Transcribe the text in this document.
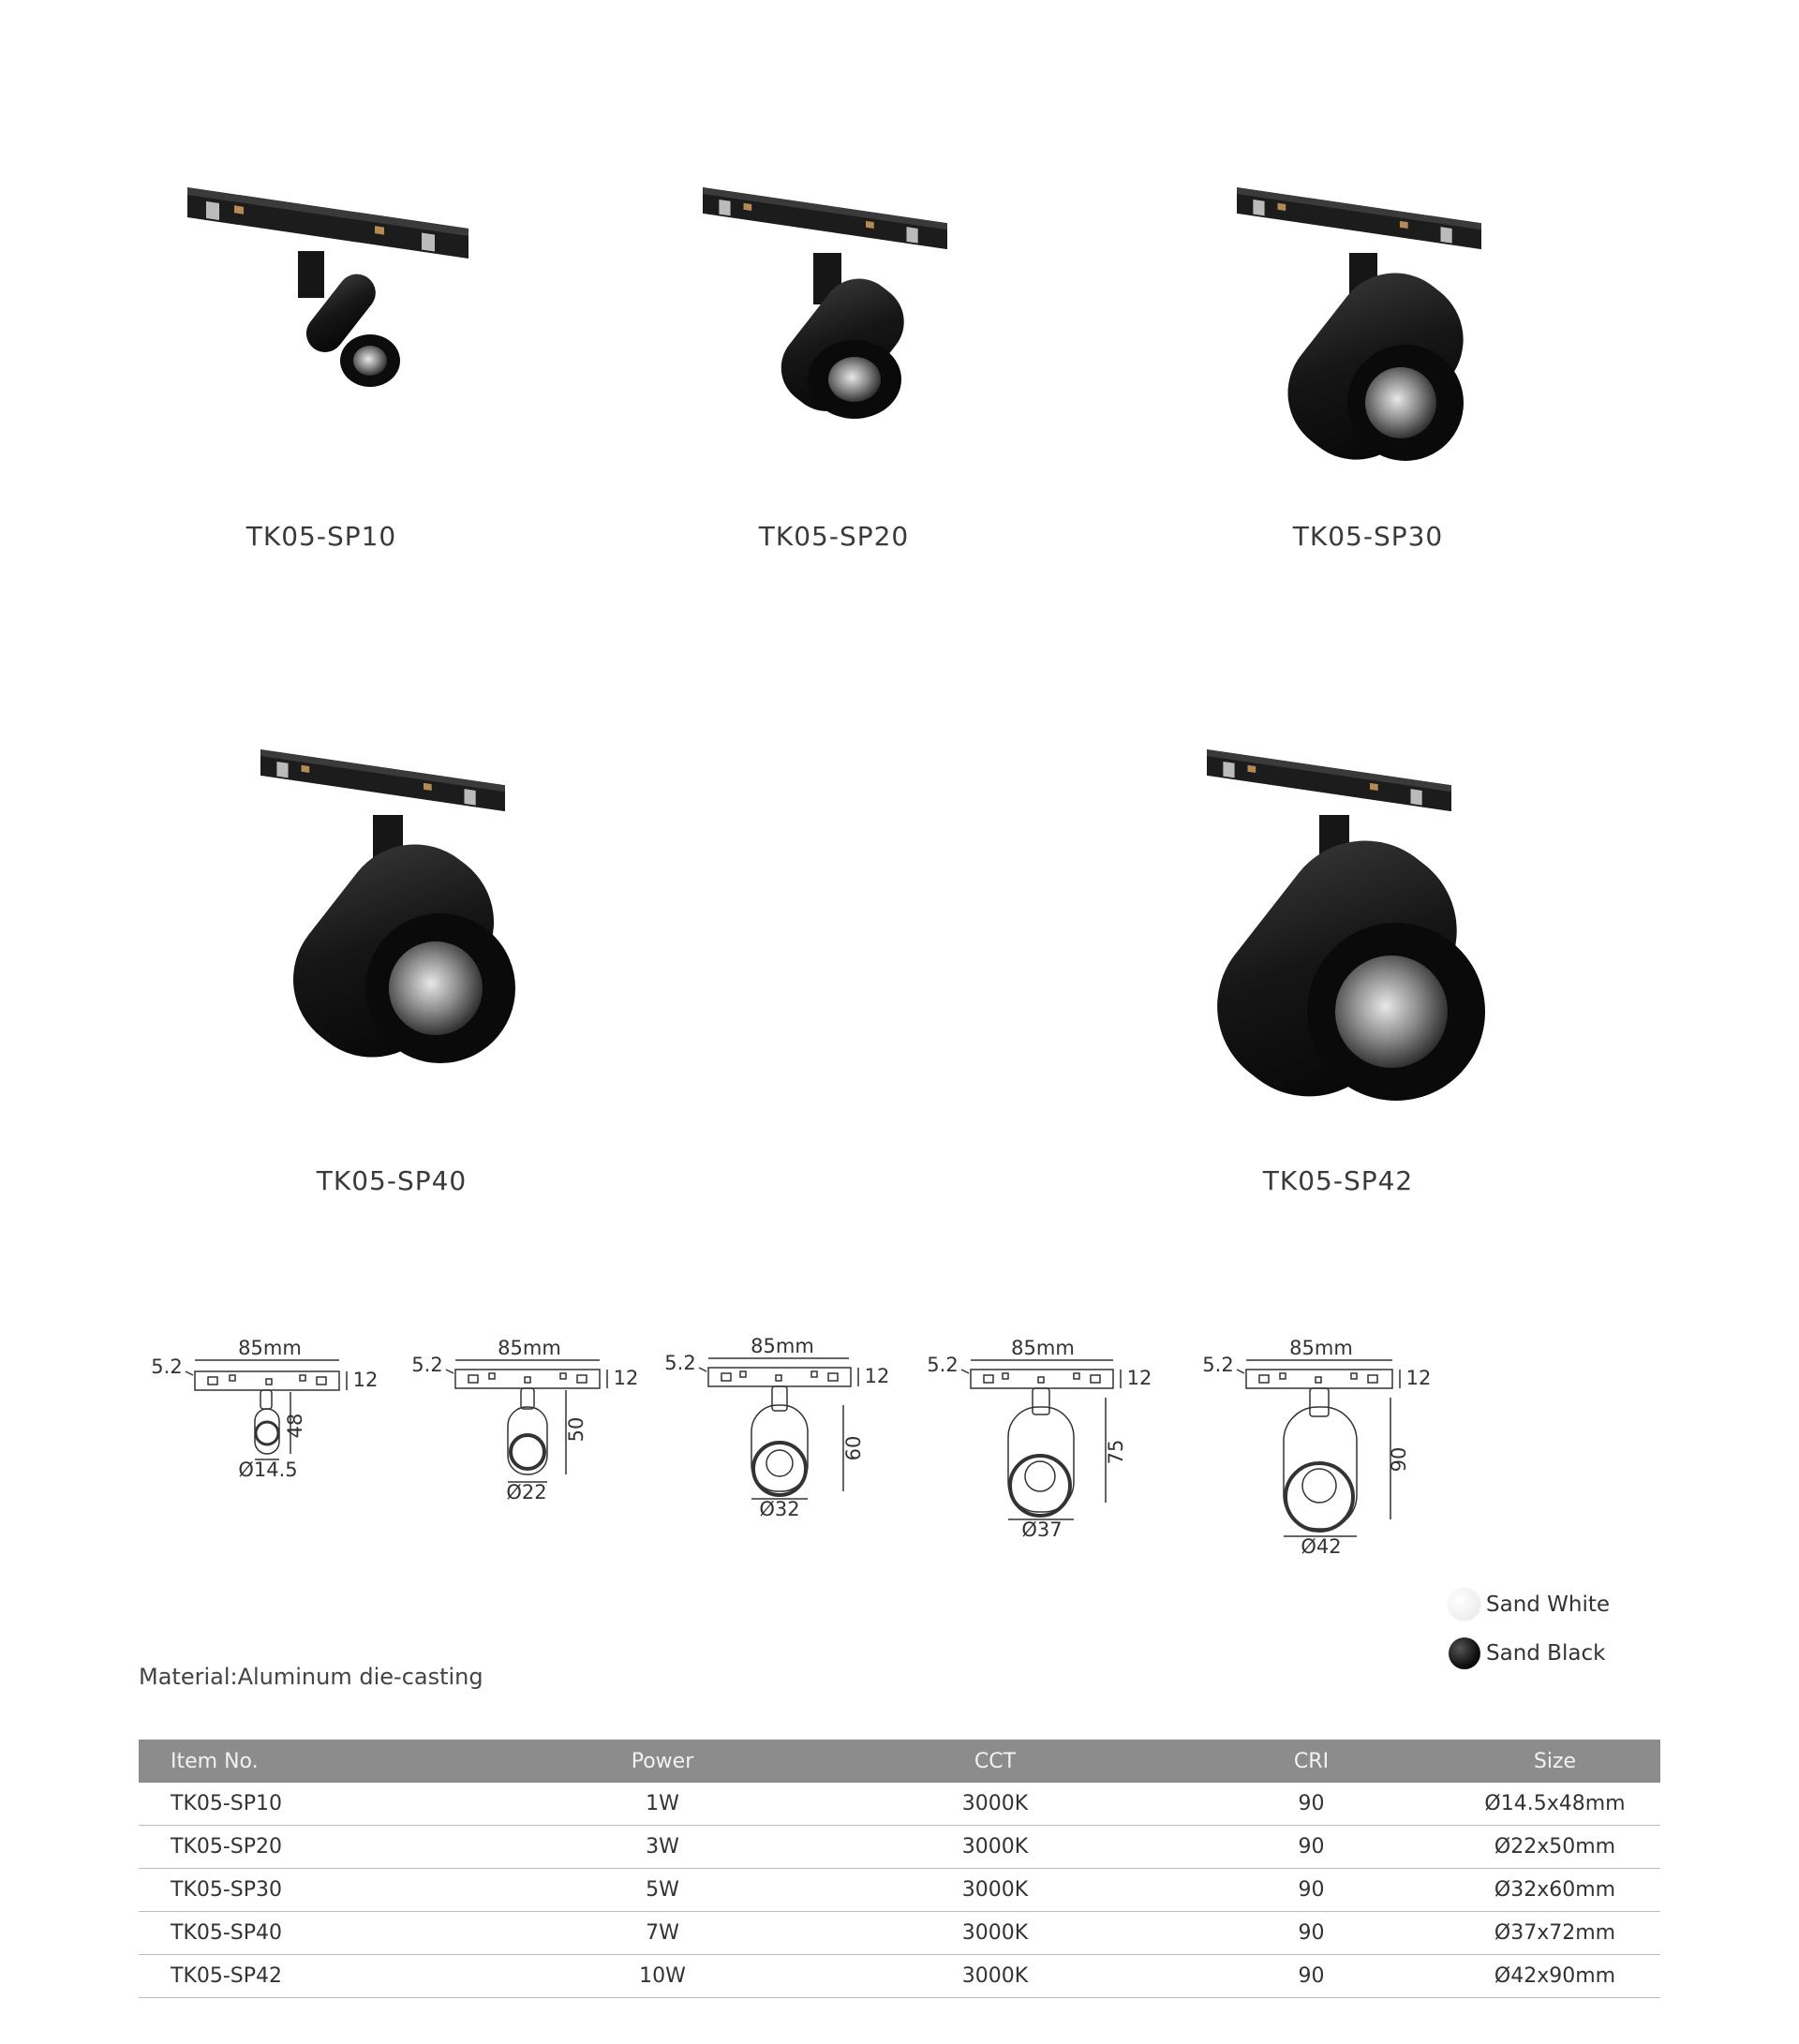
TK05-SP10	TK05-SP20	TK05-SP30
TK05-SP40	TK05-SP42
85mm
5.2
12
48
Ø14.5
85mm
5.2
12
50
Ø22
85mm
5.2
12
60
Ø32
85mm
5.2
12
75
Ø37
85mm
5.2
12
90
Ø42
Sand White
Sand Black
Material:Aluminum die-casting
Item No.	Power	CCT	CRI	Size
TK05-SP10	1W	3000K	90	Ø14.5x48mm
TK05-SP20	3W	3000K	90	Ø22x50mm
TK05-SP30	5W	3000K	90	Ø32x60mm
TK05-SP40	7W	3000K	90	Ø37x72mm
TK05-SP42	10W	3000K	90	Ø42x90mm
